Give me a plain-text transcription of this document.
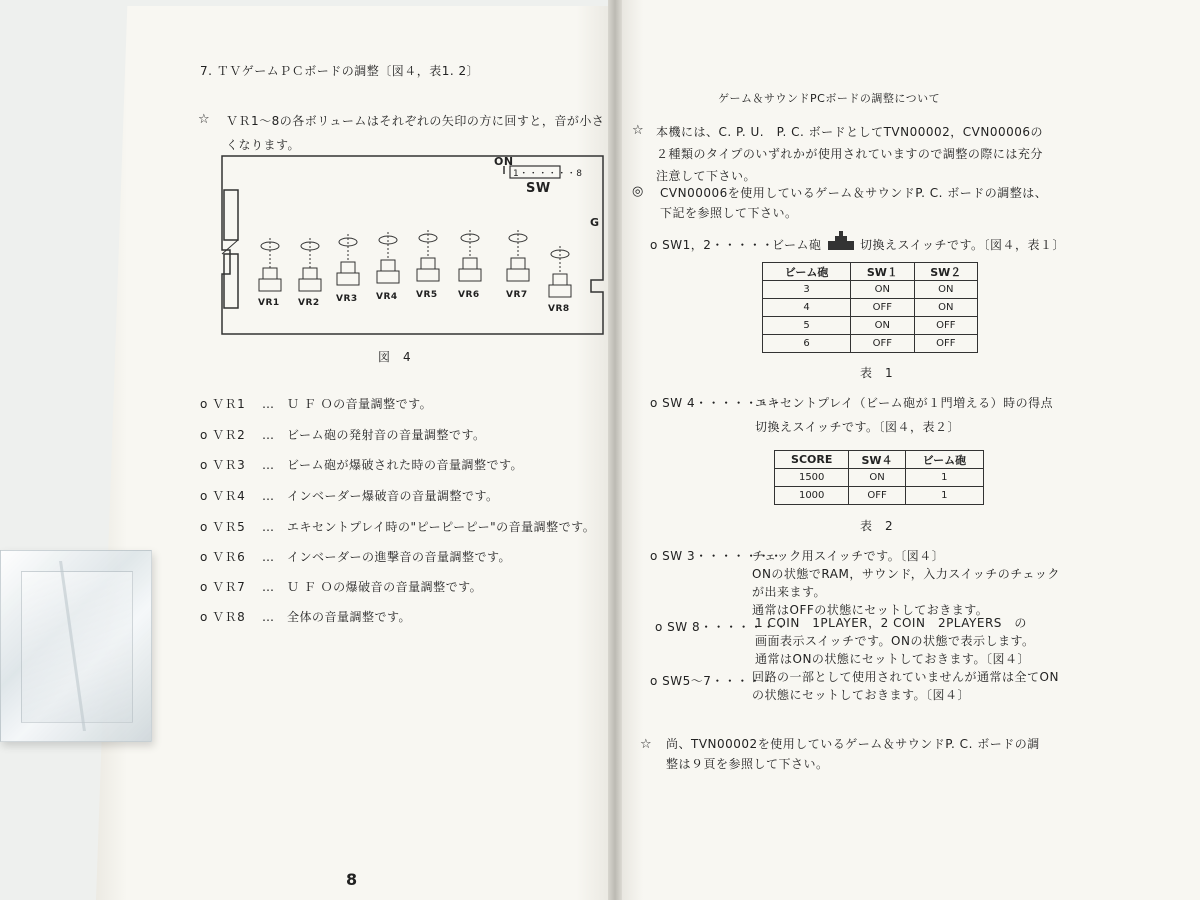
7. ＴＶゲームＰＣボードの調整〔図４，表1. 2〕
☆ ＶＲ1～8の各ボリュームはそれぞれの矢印の方に回すと，音が小さ
くなります。
ON
1・・・・・・8
SW
G
VR1 VR2 VR3 VR4 VR5 VR6	VR7
VR8
図　4
o ＶＲ1 …　Ｕ Ｆ Ｏの音量調整です。
o ＶＲ2 …　ビーム砲の発射音の音量調整です。
o ＶＲ3 …　ビーム砲が爆破された時の音量調整です。
o ＶＲ4 …　インベーダー爆破音の音量調整です。
o ＶＲ5 …　エキセントプレイ時の"ピーピーピー"の音量調整です。
o ＶＲ6 …　インベーダーの進撃音の音量調整です。
o ＶＲ7 …　Ｕ Ｆ Ｏの爆破音の音量調整です。
o ＶＲ8 …　全体の音量調整です。
8
ゲーム＆サウンドPCボードの調整について
☆ 本機には、C. P. U.　P. C. ボードとしてTVN00002，CVN00006の
２種類のタイプのいずれかが使用されていますので調整の際には充分
注意して下さい。
◎ CVN00006を使用しているゲーム＆サウンドP. C. ボードの調整は、
下記を参照して下さい。
o SW1，2・・・・・
ビーム砲	切換えスイッチです。〔図４，表１〕
ビーム砲	SW１	SW２
3	ON	ON
4	OFF	ON
5	ON	OFF
6	OFF	OFF
表　1
o SW 4・・・・・・・
エキセントプレイ（ビーム砲が１門増える）時の得点
切換えスイッチです。〔図４，表２〕
SCORE	SW４	ビーム砲
1500	ON	1
1000	OFF	1
表　2
o SW 3・・・・・・・
チェック用スイッチです。〔図４〕
ONの状態でRAM，サウンド，入力スイッチのチェック
が出来ます。
通常はOFFの状態にセットしておきます。
o SW 8・・・・・・・
1 COIN　1PLAYER，2 COIN　2PLAYERS　の
画面表示スイッチです。ONの状態で表示します。
通常はONの状態にセットしておきます。〔図４〕
o SW5～7・・・・・
回路の一部として使用されていませんが通常は全てON
の状態にセットしておきます。〔図４〕
☆ 尚、TVN00002を使用しているゲーム＆サウンドP. C. ボードの調
整は９頁を参照して下さい。
